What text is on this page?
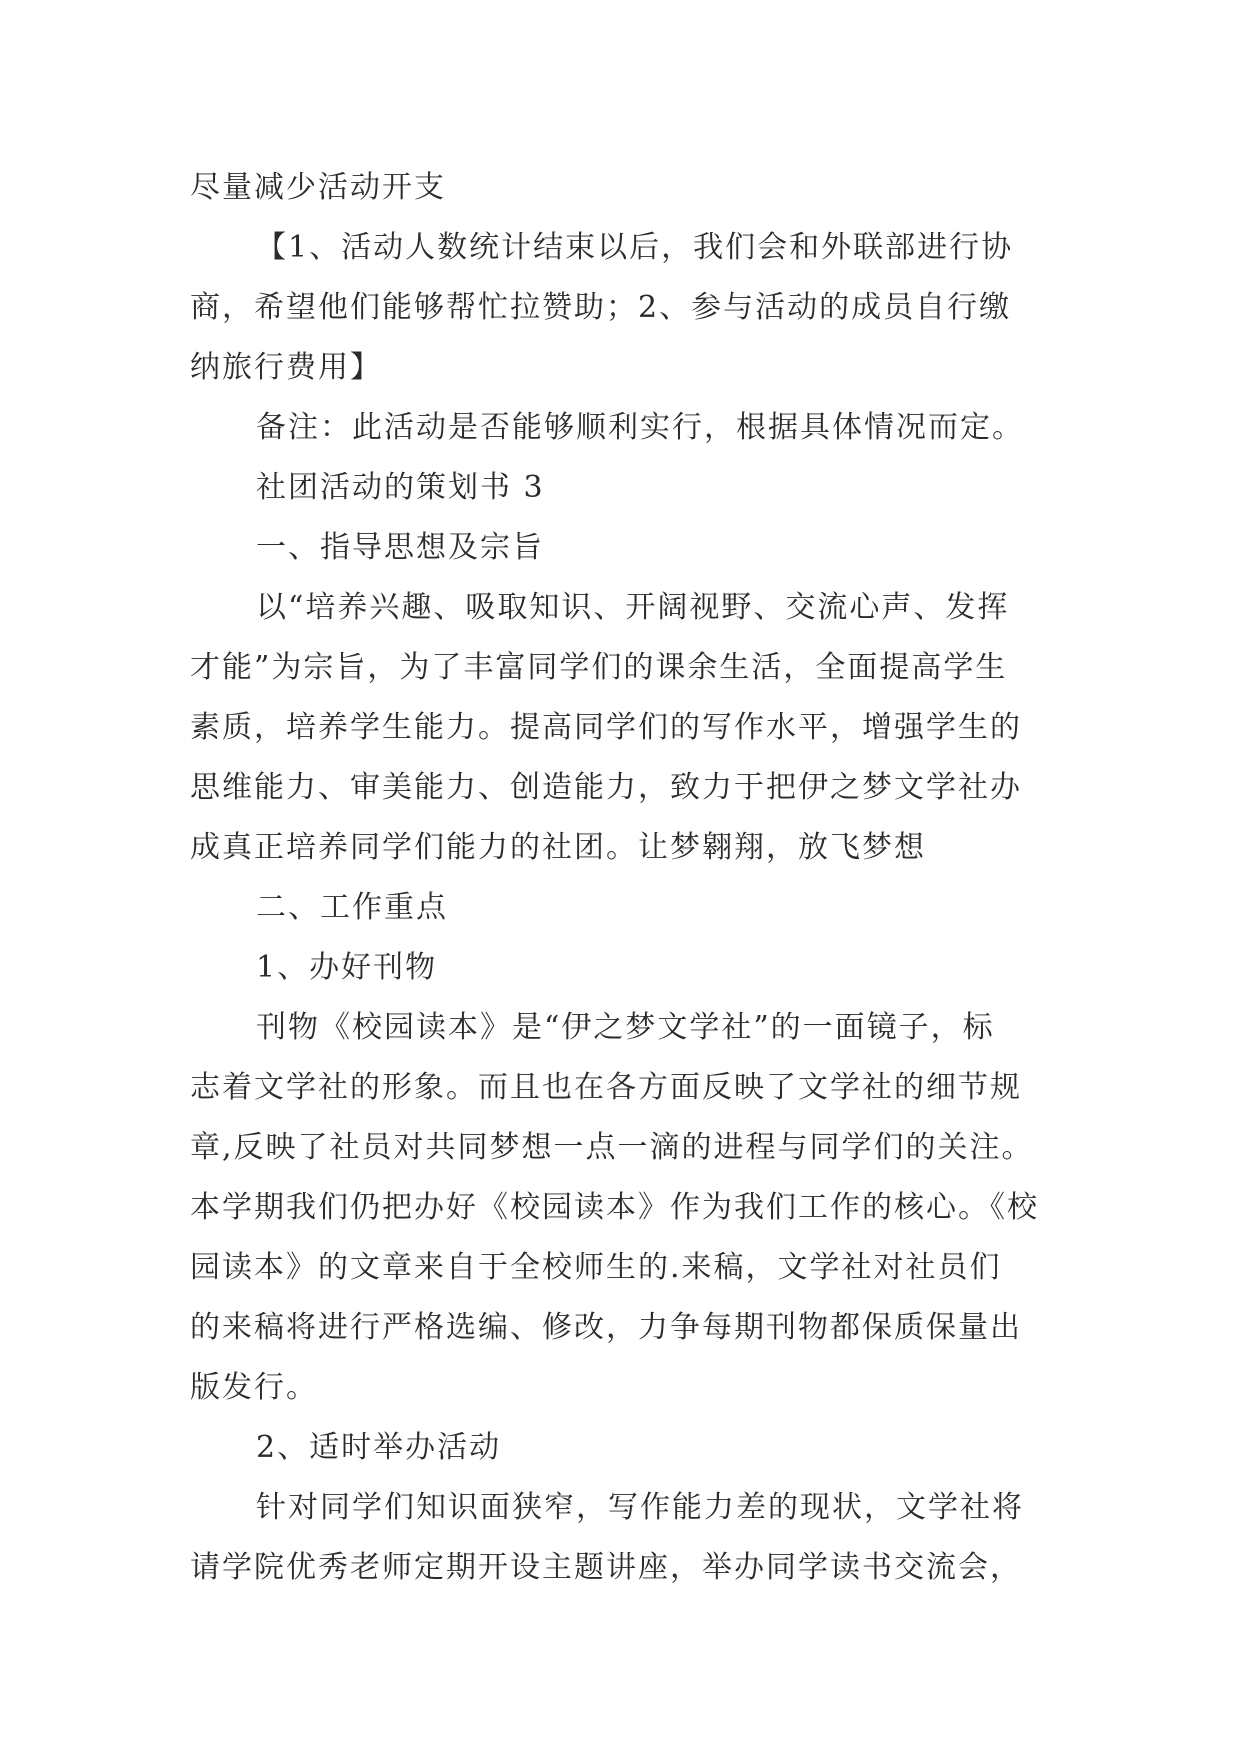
尽量减少活动开支
【1、活动人数统计结束以后，我们会和外联部进行协
商，希望他们能够帮忙拉赞助；2、参与活动的成员自行缴
纳旅行费用】
备注：此活动是否能够顺利实行，根据具体情况而定。
社团活动的策划书 3
一、指导思想及宗旨
以“培养兴趣、吸取知识、开阔视野、交流心声、发挥
才能”为宗旨，为了丰富同学们的课余生活，全面提高学生
素质，培养学生能力。提高同学们的写作水平，增强学生的
思维能力、审美能力、创造能力，致力于把伊之梦文学社办
成真正培养同学们能力的社团。让梦翱翔，放飞梦想
二、工作重点
1、办好刊物
刊物《校园读本》是“伊之梦文学社”的一面镜子，标
志着文学社的形象。而且也在各方面反映了文学社的细节规
章,反映了社员对共同梦想一点一滴的进程与同学们的关注。
本学期我们仍把办好《校园读本》作为我们工作的核心。《校
园读本》的文章来自于全校师生的.来稿，文学社对社员们
的来稿将进行严格选编、修改，力争每期刊物都保质保量出
版发行。
2、适时举办活动
针对同学们知识面狭窄，写作能力差的现状，文学社将
请学院优秀老师定期开设主题讲座，举办同学读书交流会，
